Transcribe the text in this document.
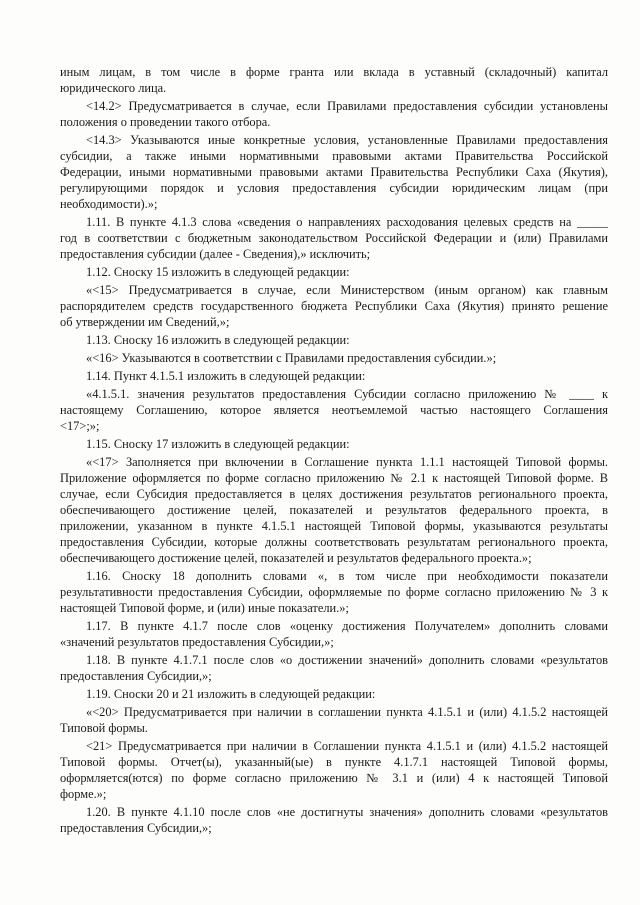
иным лицам, в том числе в форме гранта или вклада в уставный (складочный) капитал
юридического лица.
<14.2> Предусматривается в случае, если Правилами предоставления субсидии установлены
положения о проведении такого отбора.
<14.3> Указываются иные конкретные условия, установленные Правилами предоставления
субсидии, а также иными нормативными правовыми актами Правительства Российской
Федерации, иными нормативными правовыми актами Правительства Республики Саха (Якутия),
регулирующими порядок и условия предоставления субсидии юридическим лицам (при
необходимости).»;
1.11. В пункте 4.1.3 слова «сведения о направлениях расходования целевых средств на _____
год в соответствии с бюджетным законодательством Российской Федерации и (или) Правилами
предоставления субсидии (далее - Сведения),» исключить;
1.12. Сноску 15 изложить в следующей редакции:
«<15> Предусматривается в случае, если Министерством (иным органом) как главным
распорядителем средств государственного бюджета Республики Саха (Якутия) принято решение
об утверждении им Сведений,»;
1.13. Сноску 16 изложить в следующей редакции:
«<16> Указываются в соответствии с Правилами предоставления субсидии.»;
1.14. Пункт 4.1.5.1 изложить в следующей редакции:
«4.1.5.1. значения результатов предоставления Субсидии согласно приложению № ____ к
настоящему Соглашению, которое является неотъемлемой частью настоящего Соглашения
<17>;»;
1.15. Сноску 17 изложить в следующей редакции:
«<17> Заполняется при включении в Соглашение пункта 1.1.1 настоящей Типовой формы.
Приложение оформляется по форме согласно приложению № 2.1 к настоящей Типовой форме. В
случае, если Субсидия предоставляется в целях достижения результатов регионального проекта,
обеспечивающего достижение целей, показателей и результатов федерального проекта, в
приложении, указанном в пункте 4.1.5.1 настоящей Типовой формы, указываются результаты
предоставления Субсидии, которые должны соответствовать результатам регионального проекта,
обеспечивающего достижение целей, показателей и результатов федерального проекта.»;
1.16. Сноску 18 дополнить словами «, в том числе при необходимости показатели
результативности предоставления Субсидии, оформляемые по форме согласно приложению № 3 к
настоящей Типовой форме, и (или) иные показатели.»;
1.17. В пункте 4.1.7 после слов «оценку достижения Получателем» дополнить словами
«значений результатов предоставления Субсидии,»;
1.18. В пункте 4.1.7.1 после слов «о достижении значений» дополнить словами «результатов
предоставления Субсидии,»;
1.19. Сноски 20 и 21 изложить в следующей редакции:
«<20> Предусматривается при наличии в соглашении пункта 4.1.5.1 и (или) 4.1.5.2 настоящей
Типовой формы.
<21> Предусматривается при наличии в Соглашении пункта 4.1.5.1 и (или) 4.1.5.2 настоящей
Типовой формы. Отчет(ы), указанный(ые) в пункте 4.1.7.1 настоящей Типовой формы,
оформляется(ются) по форме согласно приложению № 3.1 и (или) 4 к настоящей Типовой
форме.»;
1.20. В пункте 4.1.10 после слов «не достигнуты значения» дополнить словами «результатов
предоставления Субсидии,»;
